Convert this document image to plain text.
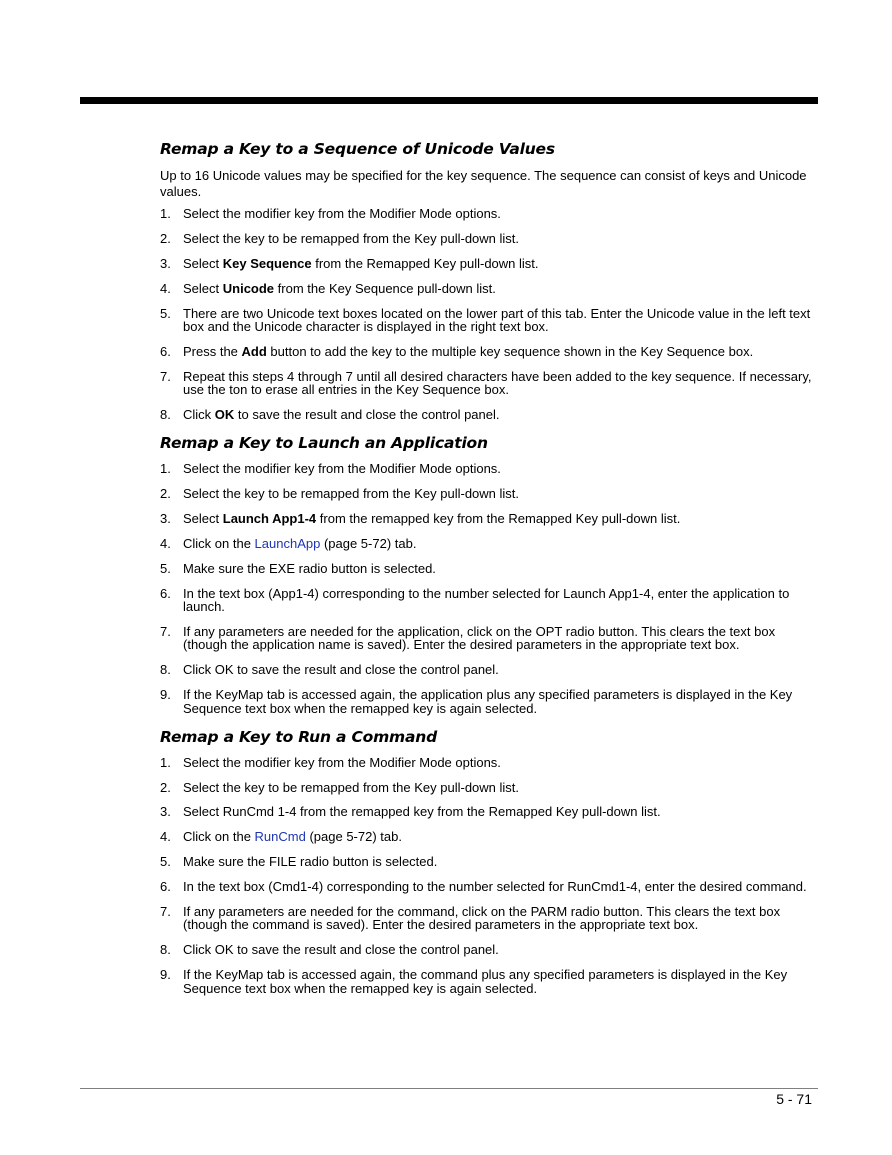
Remap a Key to a Sequence of Unicode Values

Up to 16 Unicode values may be specified for the key sequence. The sequence can consist of keys and Unicode values.

1. Select the modifier key from the Modifier Mode options.
2. Select the key to be remapped from the Key pull-down list.
3. Select Key Sequence from the Remapped Key pull-down list.
4. Select Unicode from the Key Sequence pull-down list.
5. There are two Unicode text boxes located on the lower part of this tab. Enter the Unicode value in the left text box and the Unicode character is displayed in the right text box.
6. Press the Add button to add the key to the multiple key sequence shown in the Key Sequence box.
7. Repeat this steps 4 through 7 until all desired characters have been added to the key sequence. If necessary, use the ton to erase all entries in the Key Sequence box.
8. Click OK to save the result and close the control panel.
Remap a Key to Launch an Application
1. Select the modifier key from the Modifier Mode options.
2. Select the key to be remapped from the Key pull-down list.
3. Select Launch App1-4 from the remapped key from the Remapped Key pull-down list.
4. Click on the LaunchApp (page 5-72) tab.
5. Make sure the EXE radio button is selected.
6. In the text box (App1-4) corresponding to the number selected for Launch App1-4, enter the application to launch.
7. If any parameters are needed for the application, click on the OPT radio button. This clears the text box (though the application name is saved). Enter the desired parameters in the appropriate text box.
8. Click OK to save the result and close the control panel.
9. If the KeyMap tab is accessed again, the application plus any specified parameters is displayed in the Key Sequence text box when the remapped key is again selected.
Remap a Key to Run a Command
1. Select the modifier key from the Modifier Mode options.
2. Select the key to be remapped from the Key pull-down list.
3. Select RunCmd 1-4 from the remapped key from the Remapped Key pull-down list.
4. Click on the RunCmd (page 5-72) tab.
5. Make sure the FILE radio button is selected.
6. In the text box (Cmd1-4) corresponding to the number selected for RunCmd1-4, enter the desired command.
7. If any parameters are needed for the command, click on the PARM radio button. This clears the text box (though the command is saved). Enter the desired parameters in the appropriate text box.
8. Click OK to save the result and close the control panel.
9. If the KeyMap tab is accessed again, the command plus any specified parameters is displayed in the Key Sequence text box when the remapped key is again selected.
5 - 71
